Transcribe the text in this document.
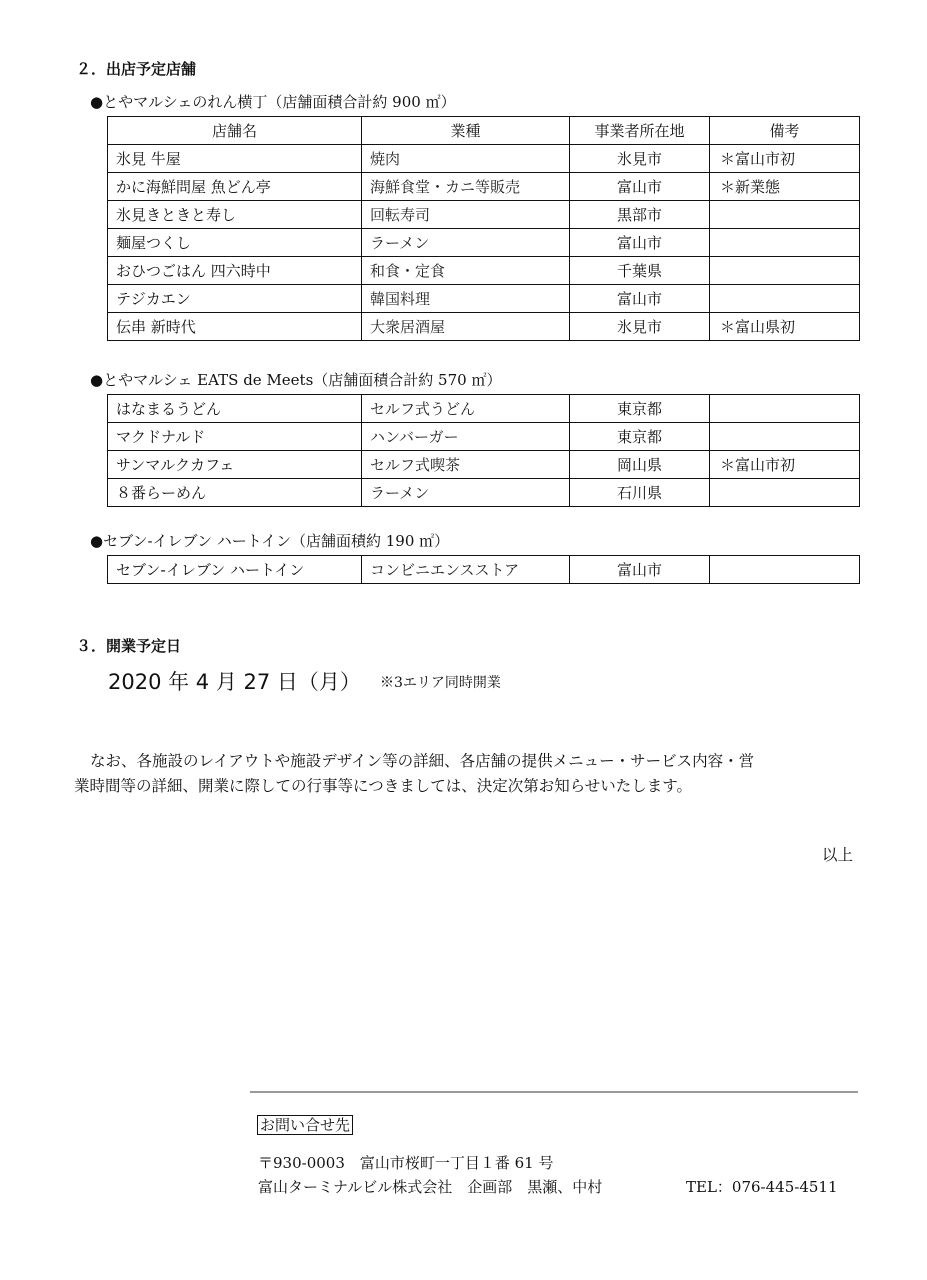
２．出店予定店舗
●とやマルシェのれん横丁（店舗面積合計約 900 ㎡）
店舗名	業種	事業者所在地	備考
氷見 牛屋	焼肉	氷見市	＊富山市初
かに海鮮問屋 魚どん亭	海鮮食堂・カニ等販売	富山市	＊新業態
氷見きときと寿し	回転寿司	黒部市	
麺屋つくし	ラーメン	富山市	
おひつごはん 四六時中	和食・定食	千葉県	
テジカエン	韓国料理	富山市	
伝串 新時代	大衆居酒屋	氷見市	＊富山県初
●とやマルシェ EATS de Meets（店舗面積合計約 570 ㎡）
はなまるうどん	セルフ式うどん	東京都	
マクドナルド	ハンバーガー	東京都	
サンマルクカフェ	セルフ式喫茶	岡山県	＊富山市初
８番らーめん	ラーメン	石川県	
●セブン-イレブン ハートイン（店舗面積約 190 ㎡）
セブン-イレブン ハートイン	コンビニエンスストア	富山市	
３．開業予定日
2020 年 4 月 27 日（月） ※3エリア同時開業
なお、各施設のレイアウトや施設デザイン等の詳細、各店舗の提供メニュー・サービス内容・営
業時間等の詳細、開業に際しての行事等につきましては、決定次第お知らせいたします。
以上
お問い合せ先
〒930-0003　富山市桜町一丁目１番 61 号
富山ターミナルビル株式会社　企画部　黒瀬、中村	TEL：076-445-4511
